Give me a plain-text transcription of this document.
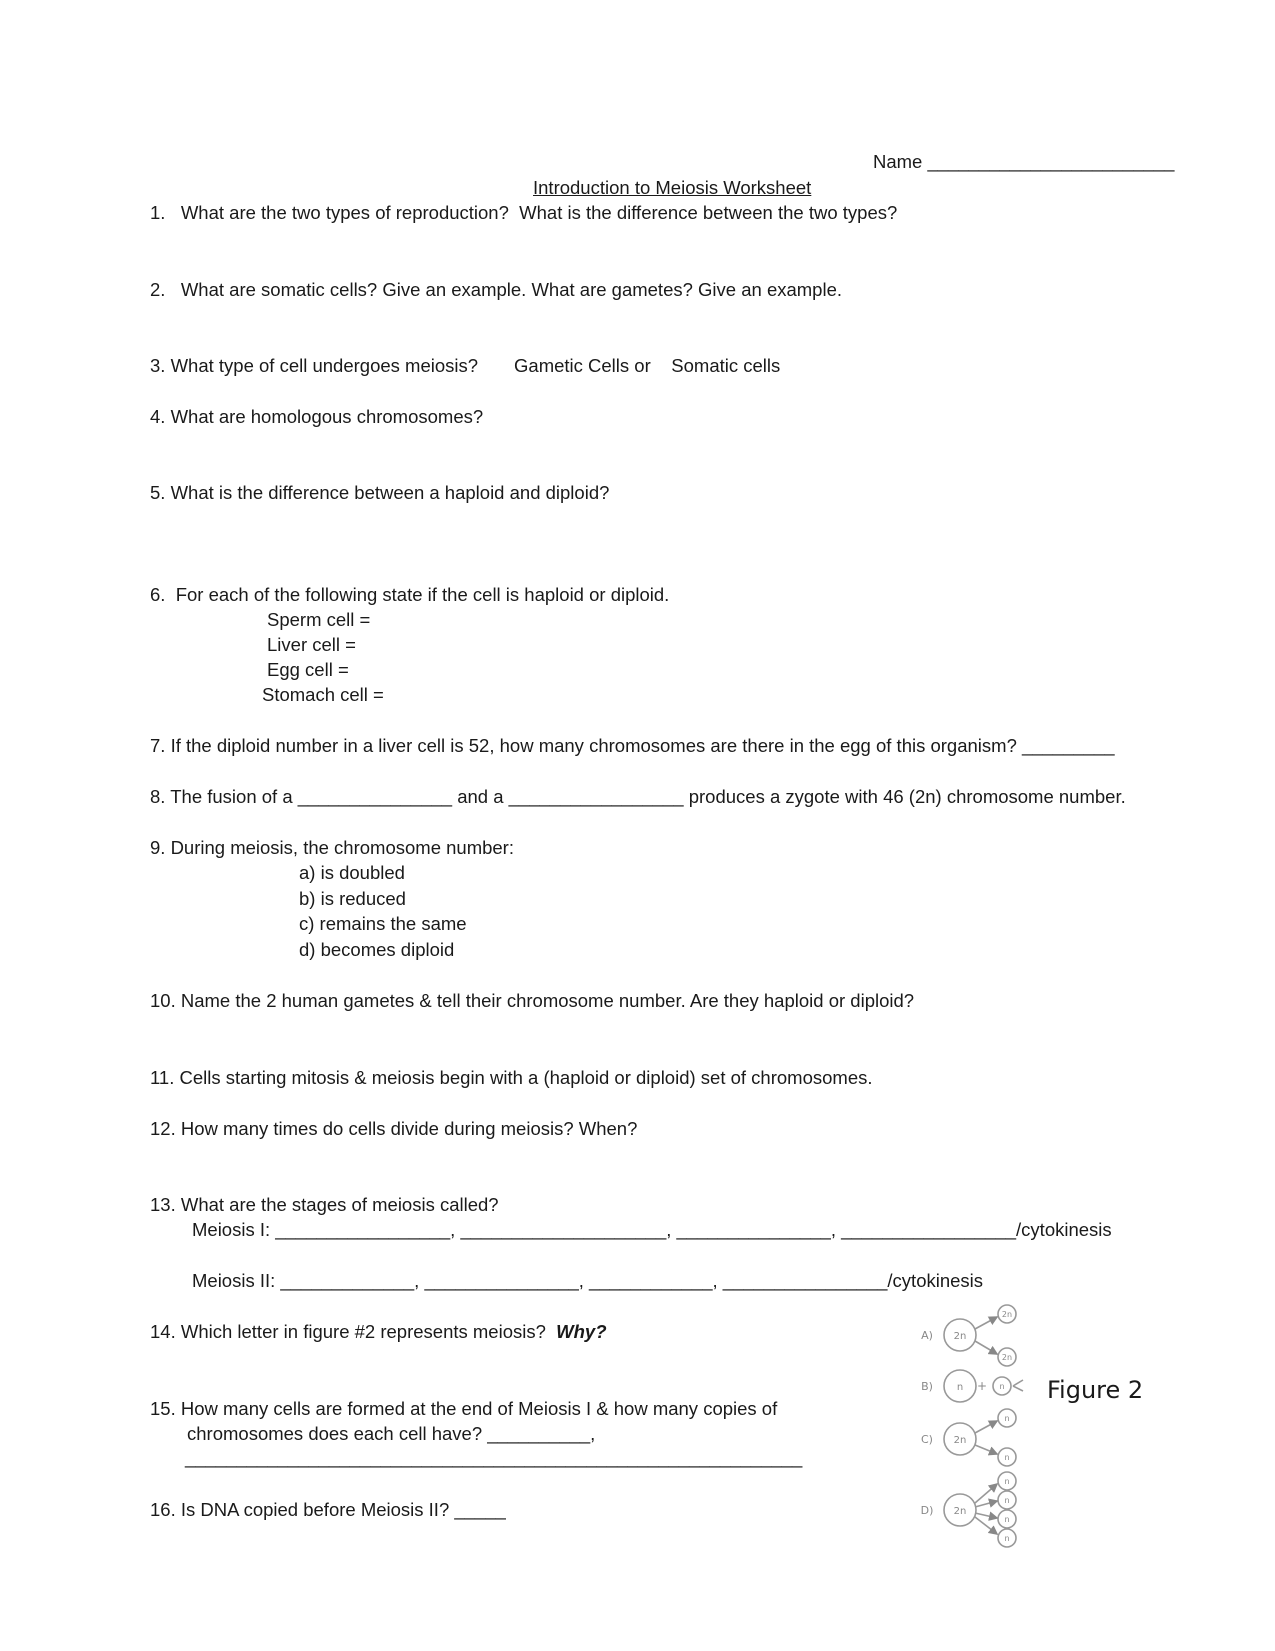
Name ________________________
Introduction to Meiosis Worksheet
1.   What are the two types of reproduction?  What is the difference between the two types?
2.   What are somatic cells? Give an example. What are gametes? Give an example.
3. What type of cell undergoes meiosis?       Gametic Cells or    Somatic cells
4. What are homologous chromosomes?
5. What is the difference between a haploid and diploid?
6.  For each of the following state if the cell is haploid or diploid.
Sperm cell =
Liver cell =
Egg cell =
Stomach cell =
7. If the diploid number in a liver cell is 52, how many chromosomes are there in the egg of this organism? _________
8. The fusion of a _______________ and a _________________ produces a zygote with 46 (2n) chromosome number.
9. During meiosis, the chromosome number:
a) is doubled
b) is reduced
c) remains the same
d) becomes diploid
10. Name the 2 human gametes & tell their chromosome number. Are they haploid or diploid?
11. Cells starting mitosis & meiosis begin with a (haploid or diploid) set of chromosomes.
12. How many times do cells divide during meiosis? When?
13. What are the stages of meiosis called?
Meiosis I: _________________, ____________________, _______________, _________________/cytokinesis
Meiosis II: _____________, _______________, ____________, ________________/cytokinesis
14. Which letter in figure #2 represents meiosis?  Why?
15. How many cells are formed at the end of Meiosis I & how many copies of
chromosomes does each cell have? __________,
____________________________________________________________
16. Is DNA copied before Meiosis II? _____
A)
B)
C)
D)
2n
2n
2n
n + n
2n
n
n
2n
n
n
n
n
Figure 2
